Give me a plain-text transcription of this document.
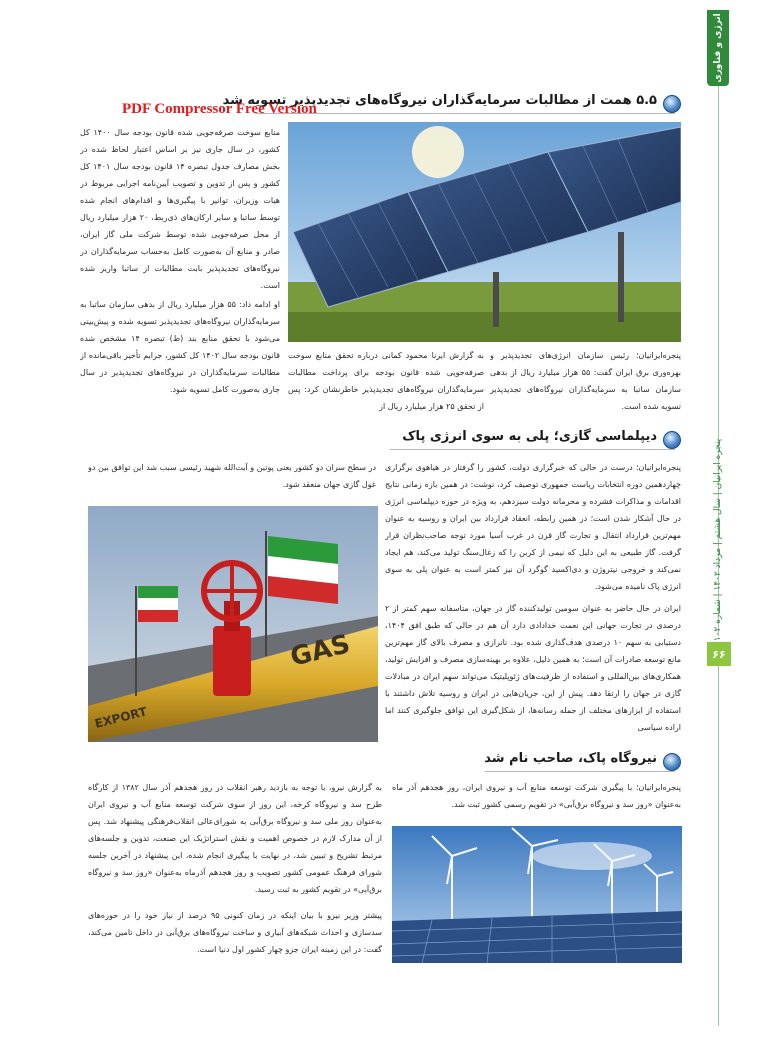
انرژی و فناوری
پنجره ایرانیان | سال هشتم | مرداد ۱۴۰۲ | شماره ۱۰۲
۶۶
۵.۵ همت از مطالبات سرمایه‌گذاران نیروگاه‌های تجدیدپذیر تسویه شد
PDF Compressor Free Version
منابع سوخت صرفه‌جویی شده قانون بودجه سال ۱۴۰۰ کل کشور، در سال جاری نیز بر اساس اعتبار لحاظ شده در بخش مصارف جدول تبصره ۱۴ قانون بودجه سال ۱۴۰۱ کل کشور و پس از تدوین و تصویب آیین‌نامه اجرایی مربوط در هیات وزیران، توانیر با پیگیری‌ها و اقدام‌های انجام شده توسط ساتبا و سایر ارکان‌های ذی‌ربط، ۲۰ هزار میلیارد ریال از محل صرفه‌جویی شده توسط شرکت ملی گاز ایران، صادر و منابع آن به‌صورت کامل به‌حساب سرمایه‌گذاران در نیروگاه‌های تجدیدپذیر بابت مطالبات از ساتبا واریز شده است.
او ادامه داد: ۵۵ هزار میلیارد ریال از بدهی سازمان ساتبا به سرمایه‌گذاران نیروگاه‌های تجدیدپذیر تسویه شده و پیش‌بینی می‌شود با تحقق منابع بند (ط) تبصره ۱۴ مشخص شده قانون بودجه سال ۱۴۰۲ کل کشور، جرایم تأخیر باقی‌مانده از مطالبات سرمایه‌گذاران در نیروگاه‌های تجدیدپذیر در سال جاری به‌صورت کامل تسویه شود.
به گزارش ایرنا محمود کمانی درباره تحقق منابع سوخت صرفه‌جویی شده قانون بودجه برای پرداخت مطالبات سرمایه‌گذاران نیروگاه‌های تجدیدپذیر خاطرنشان کرد: پس از تحقق ۲۵ هزار میلیارد ریال از
پنجره‌ایرانیان؛ رئیس سازمان انرژی‌های تجدیدپذیر و بهره‌وری برق ایران گفت: ۵۵ هزار میلیارد ریال از بدهی سازمان ساتبا به سرمایه‌گذاران نیروگاه‌های تجدیدپذیر تسویه شده است.
دیپلماسی گازی؛ پلی به سوی انرژی پاک
پنجره‌ایرانیان؛ درست در حالی که خبرگزاری دولت، کشور را گرفتار در هیاهوی برگزاری چهاردهمین دوره انتخابات ریاست جمهوری توصیف کرد، نوشت: در همین بازه زمانی نتایج اقدامات و مذاکرات فشرده و محرمانه دولت سیزدهم، به ویژه در حوزه دیپلماسی انرژی در حال آشکار شدن است؛ در همین رابطه، انعقاد قرارداد بین ایران و روسیه به عنوان مهم‌ترین قرارداد انتقال و تجارت گاز قرن در غرب آسیا مورد توجه صاحب‌نظران قرار گرفت. گاز طبیعی به این دلیل که نیمی از کربن را که زغال‌سنگ تولید می‌کند، هم ایجاد نمی‌کند و خروجی نیتروژن و دی‌اکسید گوگرد آن نیز کمتر است به عنوان پلی به سوی انرژی پاک نامیده می‌شود.
ایران در حال حاضر به عنوان سومین تولیدکننده گاز در جهان، متاسفانه سهم کمتر از ۲ درصدی در تجارت جهانی این نعمت خدادادی دارد آن هم در حالی که طبق افق ۱۴۰۴، دستیابی به سهم ۱۰ درصدی هدف‌گذاری شده بود. ناترازی و مصرف بالای گاز مهم‌ترین مانع توسعه صادرات آن است؛ به همین دلیل، علاوه بر بهینه‌سازی مصرف و افزایش تولید، همکاری‌های بین‌المللی و استفاده از ظرفیت‌های ژئوپلیتیک می‌تواند سهم ایران در مبادلات گازی در جهان را ارتقا دهد. پیش از این، جریان‌هایی در ایران و روسیه تلاش داشتند با استفاده از ابزارهای مختلف از جمله رسانه‌ها، از شکل‌گیری این توافق جلوگیری کنند اما اراده سیاسی
در سطح سران دو کشور یعنی پوتین و آیت‌الله شهید رئیسی سبب شد این توافق بین دو غول گازی جهان منعقد شود.
GAS
EXPORT
نیروگاه پاک، صاحب نام شد
پنجره‌ایرانیان؛ با پیگیری شرکت توسعه منابع آب و نیروی ایران، روز هجدهم آذر ماه به‌عنوان «روز سد و نیروگاه برق‌آبی» در تقویم رسمی کشور ثبت شد.
به گزارش نیرو، با توجه به بازدید رهبر انقلاب در روز هجدهم آذر سال ۱۳۸۲ از کارگاه طرح سد و نیروگاه کرخه، این روز از سوی شرکت توسعه منابع آب و نیروی ایران به‌عنوان روز ملی سد و نیروگاه برق‌آبی به شورای‌عالی انقلاب‌فرهنگی پیشنهاد شد. پس از آن مدارک لازم در خصوص اهمیت و نقش استراتژیک این صنعت، تدوین و جلسه‌های مرتبط تشریح و تبیین شد، در نهایت با پیگیری انجام شده، این پیشنهاد در آخرین جلسه شورای فرهنگ عمومی کشور تصویب و روز هجدهم آذرماه به‌عنوان «روز سد و نیروگاه برق‌آبی» در تقویم کشور به ثبت رسید.
پیشتر وزیر نیرو با بیان اینکه در زمان کنونی ۹۵ درصد از نیاز خود را در حوزه‌های سدسازی و احداث شبکه‌های آبیاری و ساخت نیروگاه‌های برق‌آبی در داخل تامین می‌کند، گفت: در این زمینه ایران جزو چهار کشور اول دنیا است.
